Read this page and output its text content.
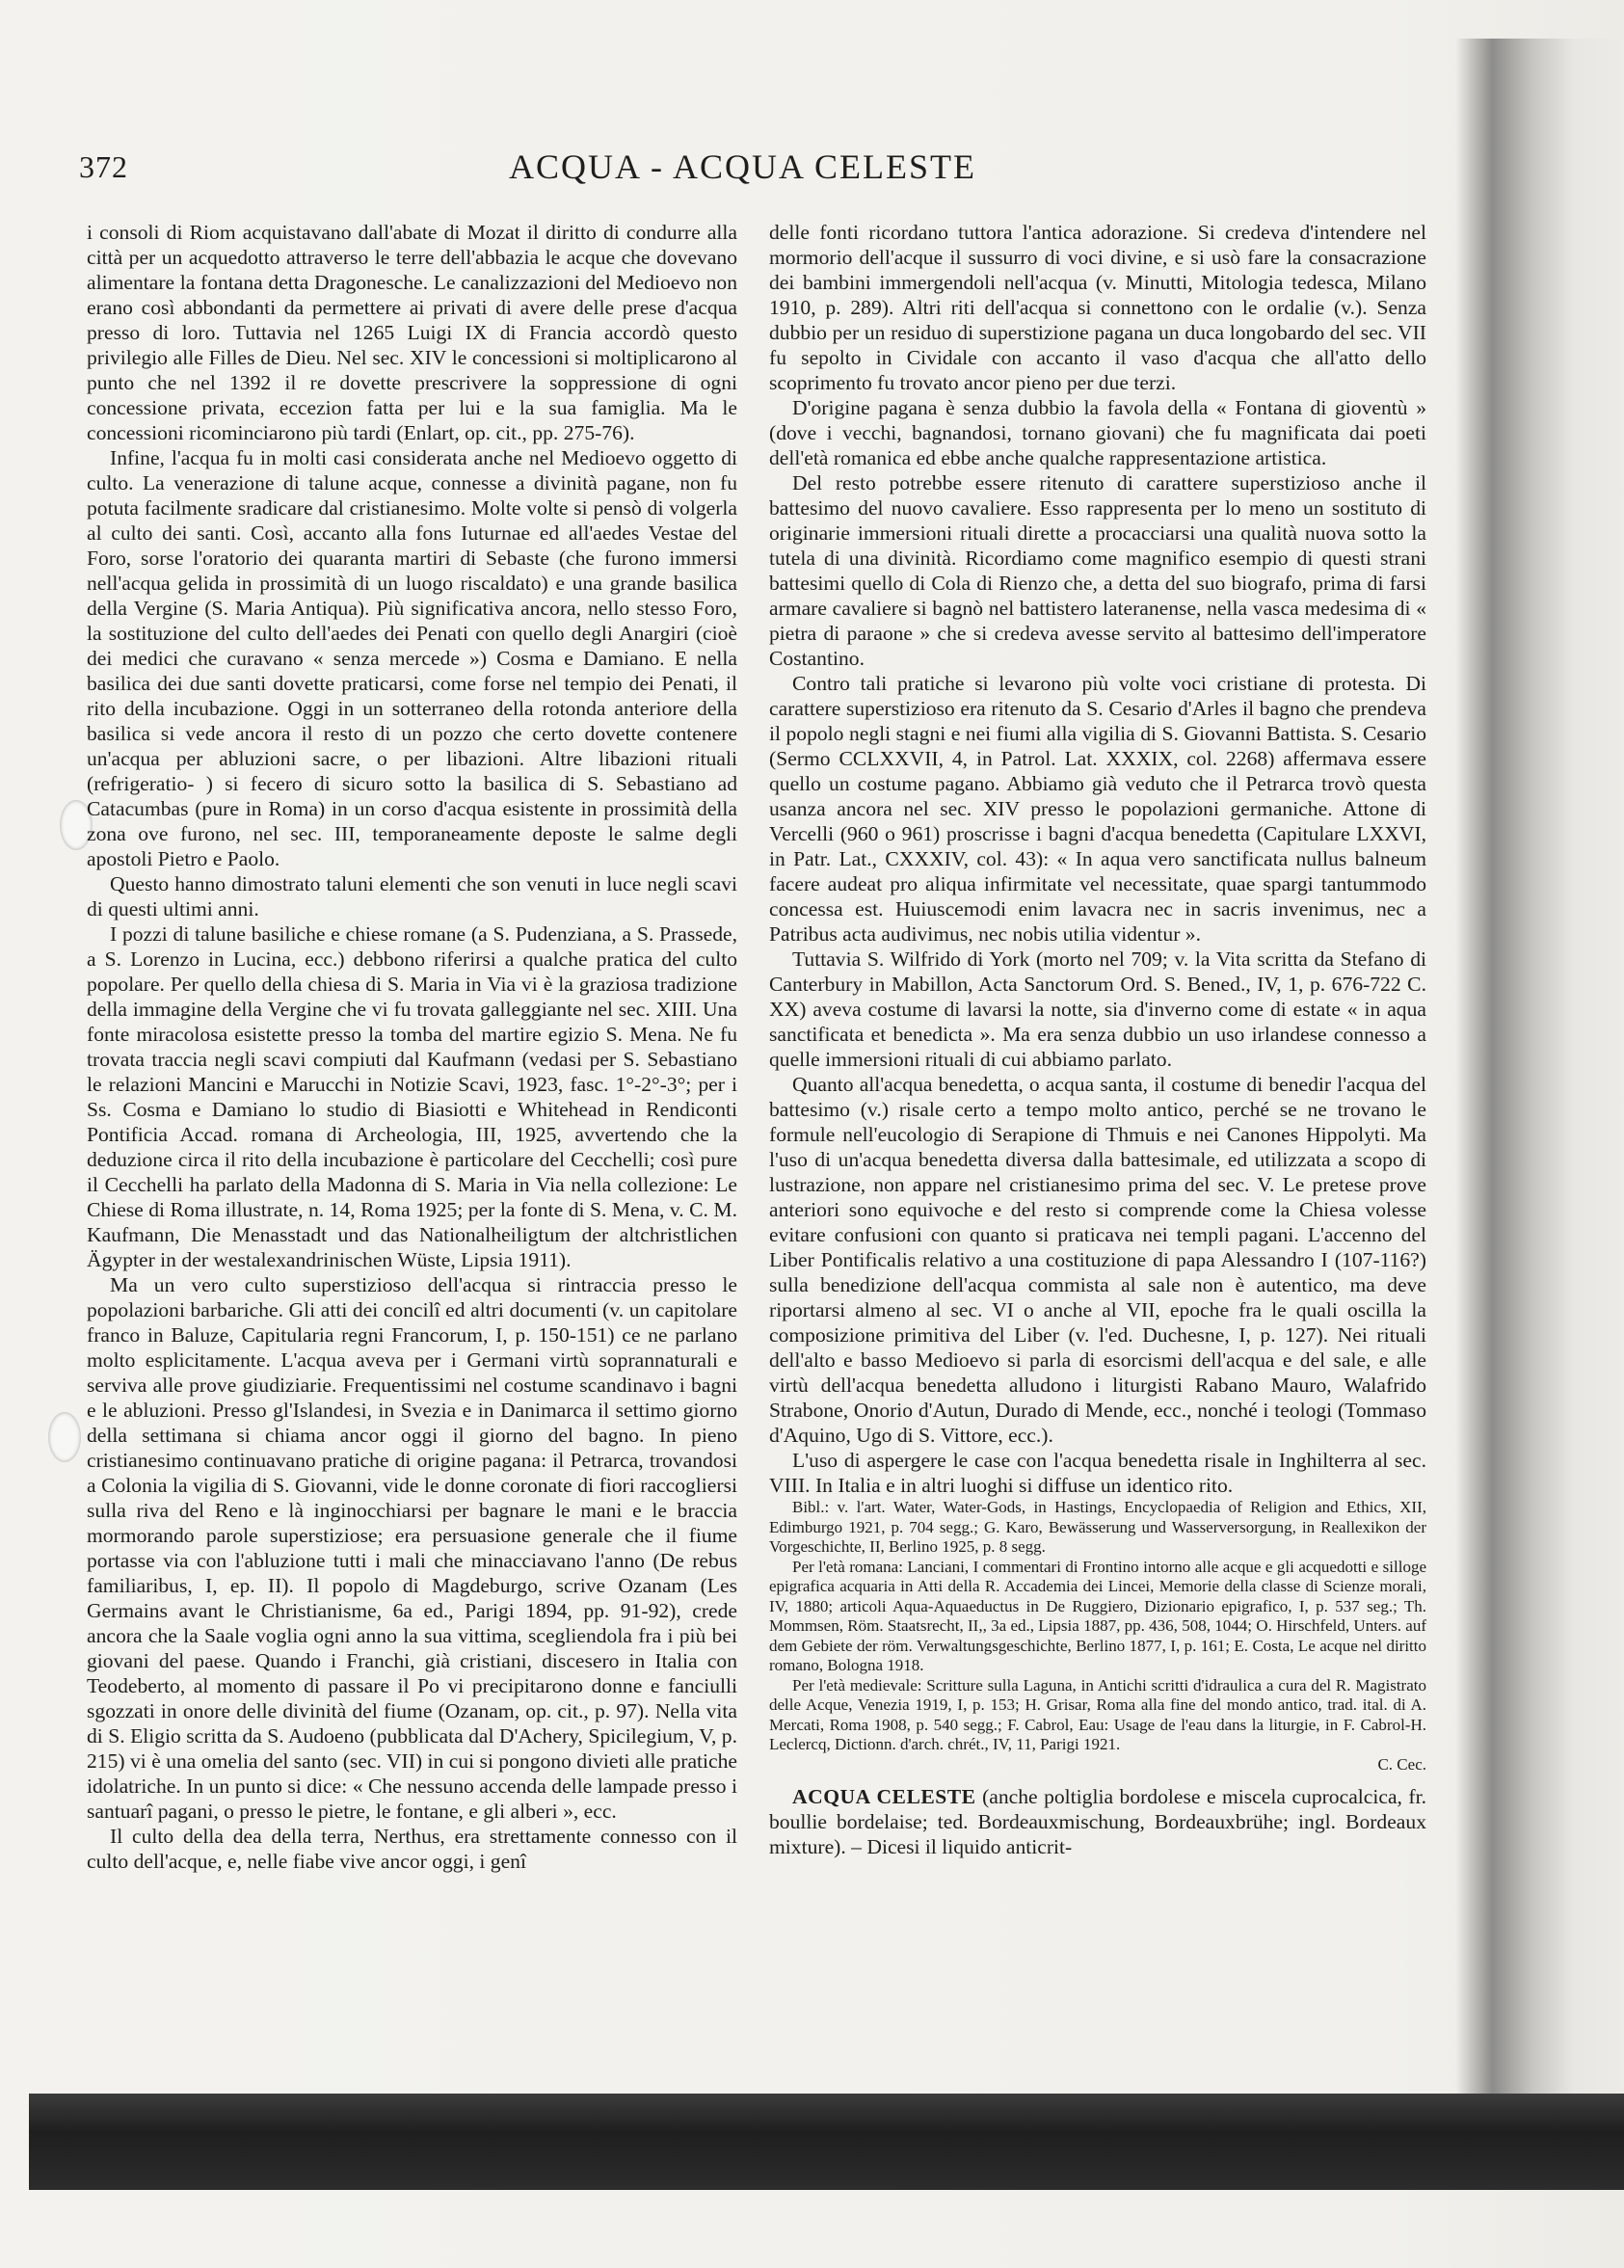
372	ACQUA - ACQUA CELESTE

i consoli di Riom acquistavano dall'abate di Mozat il diritto di condurre alla città per un acquedotto attraverso le terre dell'abbazia le acque che dovevano alimentare la fontana detta Dragonesche. Le canalizzazioni del Medioevo non erano così abbondanti da permettere ai privati di avere delle prese d'acqua presso di loro. Tuttavia nel 1265 Luigi IX di Francia accordò questo privilegio alle Filles de Dieu. Nel sec. XIV le concessioni si moltiplicarono al punto che nel 1392 il re dovette prescrivere la soppressione di ogni concessione privata, eccezion fatta per lui e la sua famiglia. Ma le concessioni ricominciarono più tardi (Enlart, op. cit., pp. 275-76).

Infine, l'acqua fu in molti casi considerata anche nel Medioevo oggetto di culto. La venerazione di talune acque, connesse a divinità pagane, non fu potuta facilmente sradicare dal cristianesimo. Molte volte si pensò di volgerla al culto dei santi. Così, accanto alla fons Iuturnae ed all'aedes Vestae del Foro, sorse l'oratorio dei quaranta martiri di Sebaste (che furono immersi nell'acqua gelida in prossimità di un luogo riscaldato) e una grande basilica della Vergine (S. Maria Antiqua). Più significativa ancora, nello stesso Foro, la sostituzione del culto dell'aedes dei Penati con quello degli Anargiri (cioè dei medici che curavano « senza mercede ») Cosma e Damiano. E nella basilica dei due santi dovette praticarsi, come forse nel tempio dei Penati, il rito della incubazione. Oggi in un sotterraneo della rotonda anteriore della basilica si vede ancora il resto di un pozzo che certo dovette contenere un'acqua per abluzioni sacre, o per libazioni. Altre libazioni rituali (refrigeratio- ) si fecero di sicuro sotto la basilica di S. Sebastiano ad Catacumbas (pure in Roma) in un corso d'acqua esistente in prossimità della zona ove furono, nel sec. III, temporaneamente deposte le salme degli apostoli Pietro e Paolo.

Questo hanno dimostrato taluni elementi che son venuti in luce negli scavi di questi ultimi anni.

I pozzi di talune basiliche e chiese romane (a S. Pudenziana, a S. Prassede, a S. Lorenzo in Lucina, ecc.) debbono riferirsi a qualche pratica del culto popolare. Per quello della chiesa di S. Maria in Via vi è la graziosa tradizione della immagine della Vergine che vi fu trovata galleggiante nel sec. XIII. Una fonte miracolosa esistette presso la tomba del martire egizio S. Mena. Ne fu trovata traccia negli scavi compiuti dal Kaufmann (vedasi per S. Sebastiano le relazioni Mancini e Marucchi in Notizie Scavi, 1923, fasc. 1°-2°-3°; per i Ss. Cosma e Damiano lo studio di Biasiotti e Whitehead in Rendiconti Pontificia Accad. romana di Archeologia, III, 1925, avvertendo che la deduzione circa il rito della incubazione è particolare del Cecchelli; così pure il Cecchelli ha parlato della Madonna di S. Maria in Via nella collezione: Le Chiese di Roma illustrate, n. 14, Roma 1925; per la fonte di S. Mena, v. C. M. Kaufmann, Die Menasstadt und das Nationalheiligtum der altchristlichen Ägypter in der westalexandrinischen Wüste, Lipsia 1911).

Ma un vero culto superstizioso dell'acqua si rintraccia presso le popolazioni barbariche. Gli atti dei concilî ed altri documenti (v. un capitolare franco in Baluze, Capitularia regni Francorum, I, p. 150-151) ce ne parlano molto esplicitamente. L'acqua aveva per i Germani virtù soprannaturali e serviva alle prove giudiziarie. Frequentissimi nel costume scandinavo i bagni e le abluzioni. Presso gl'Islandesi, in Svezia e in Danimarca il settimo giorno della settimana si chiama ancor oggi il giorno del bagno. In pieno cristianesimo continuavano pratiche di origine pagana: il Petrarca, trovandosi a Colonia la vigilia di S. Giovanni, vide le donne coronate di fiori raccogliersi sulla riva del Reno e là inginocchiarsi per bagnare le mani e le braccia mormorando parole superstiziose; era persuasione generale che il fiume portasse via con l'abluzione tutti i mali che minacciavano l'anno (De rebus familiaribus, I, ep. II). Il popolo di Magdeburgo, scrive Ozanam (Les Germains avant le Christianisme, 6a ed., Parigi 1894, pp. 91-92), crede ancora che la Saale voglia ogni anno la sua vittima, scegliendola fra i più bei giovani del paese. Quando i Franchi, già cristiani, discesero in Italia con Teodeberto, al momento di passare il Po vi precipitarono donne e fanciulli sgozzati in onore delle divinità del fiume (Ozanam, op. cit., p. 97). Nella vita di S. Eligio scritta da S. Audoeno (pubblicata dal D'Achery, Spicilegium, V, p. 215) vi è una omelia del santo (sec. VII) in cui si pongono divieti alle pratiche idolatriche. In un punto si dice: « Che nessuno accenda delle lampade presso i santuarî pagani, o presso le pietre, le fontane, e gli alberi », ecc.

Il culto della dea della terra, Nerthus, era strettamente connesso con il culto dell'acque, e, nelle fiabe vive ancor oggi, i genî

delle fonti ricordano tuttora l'antica adorazione. Si credeva d'intendere nel mormorio dell'acque il sussurro di voci divine, e si usò fare la consacrazione dei bambini immergendoli nell'acqua (v. Minutti, Mitologia tedesca, Milano 1910, p. 289). Altri riti dell'acqua si connettono con le ordalie (v.). Senza dubbio per un residuo di superstizione pagana un duca longobardo del sec. VII fu sepolto in Cividale con accanto il vaso d'acqua che all'atto dello scoprimento fu trovato ancor pieno per due terzi.

D'origine pagana è senza dubbio la favola della « Fontana di gioventù » (dove i vecchi, bagnandosi, tornano giovani) che fu magnificata dai poeti dell'età romanica ed ebbe anche qualche rappresentazione artistica.

Del resto potrebbe essere ritenuto di carattere superstizioso anche il battesimo del nuovo cavaliere. Esso rappresenta per lo meno un sostituto di originarie immersioni rituali dirette a procacciarsi una qualità nuova sotto la tutela di una divinità. Ricordiamo come magnifico esempio di questi strani battesimi quello di Cola di Rienzo che, a detta del suo biografo, prima di farsi armare cavaliere si bagnò nel battistero lateranense, nella vasca medesima di « pietra di paraone » che si credeva avesse servito al battesimo dell'imperatore Costantino.

Contro tali pratiche si levarono più volte voci cristiane di protesta. Di carattere superstizioso era ritenuto da S. Cesario d'Arles il bagno che prendeva il popolo negli stagni e nei fiumi alla vigilia di S. Giovanni Battista. S. Cesario (Sermo CCLXXVII, 4, in Patrol. Lat. XXXIX, col. 2268) affermava essere quello un costume pagano. Abbiamo già veduto che il Petrarca trovò questa usanza ancora nel sec. XIV presso le popolazioni germaniche. Attone di Vercelli (960 o 961) proscrisse i bagni d'acqua benedetta (Capitulare LXXVI, in Patr. Lat., CXXXIV, col. 43): « In aqua vero sanctificata nullus balneum facere audeat pro aliqua infirmitate vel necessitate, quae spargi tantummodo concessa est. Huiuscemodi enim lavacra nec in sacris invenimus, nec a Patribus acta audivimus, nec nobis utilia videntur ».

Tuttavia S. Wilfrido di York (morto nel 709; v. la Vita scritta da Stefano di Canterbury in Mabillon, Acta Sanctorum Ord. S. Bened., IV, 1, p. 676-722 C. XX) aveva costume di lavarsi la notte, sia d'inverno come di estate « in aqua sanctificata et benedicta ». Ma era senza dubbio un uso irlandese connesso a quelle immersioni rituali di cui abbiamo parlato.

Quanto all'acqua benedetta, o acqua santa, il costume di benedir l'acqua del battesimo (v.) risale certo a tempo molto antico, perché se ne trovano le formule nell'eucologio di Serapione di Thmuis e nei Canones Hippolyti. Ma l'uso di un'acqua benedetta diversa dalla battesimale, ed utilizzata a scopo di lustrazione, non appare nel cristianesimo prima del sec. V. Le pretese prove anteriori sono equivoche e del resto si comprende come la Chiesa volesse evitare confusioni con quanto si praticava nei templi pagani. L'accenno del Liber Pontificalis relativo a una costituzione di papa Alessandro I (107-116?) sulla benedizione dell'acqua commista al sale non è autentico, ma deve riportarsi almeno al sec. VI o anche al VII, epoche fra le quali oscilla la composizione primitiva del Liber (v. l'ed. Duchesne, I, p. 127). Nei rituali dell'alto e basso Medioevo si parla di esorcismi dell'acqua e del sale, e alle virtù dell'acqua benedetta alludono i liturgisti Rabano Mauro, Walafrido Strabone, Onorio d'Autun, Durado di Mende, ecc., nonché i teologi (Tommaso d'Aquino, Ugo di S. Vittore, ecc.).

L'uso di aspergere le case con l'acqua benedetta risale in Inghilterra al sec. VIII. In Italia e in altri luoghi si diffuse un identico rito.

Bibl.: v. l'art. Water, Water-Gods, in Hastings, Encyclopaedia of Religion and Ethics, XII, Edimburgo 1921, p. 704 segg.; G. Karo, Bewässerung und Wasserversorgung, in Reallexikon der Vorgeschichte, II, Berlino 1925, p. 8 segg.

Per l'età romana: Lanciani, I commentari di Frontino intorno alle acque e gli acquedotti e silloge epigrafica acquaria in Atti della R. Accademia dei Lincei, Memorie della classe di Scienze morali, IV, 1880; articoli Aqua-Aquaeductus in De Ruggiero, Dizionario epigrafico, I, p. 537 seg.; Th. Mommsen, Röm. Staatsrecht, II,, 3a ed., Lipsia 1887, pp. 436, 508, 1044; O. Hirschfeld, Unters. auf dem Gebiete der röm. Verwaltungsgeschichte, Berlino 1877, I, p. 161; E. Costa, Le acque nel diritto romano, Bologna 1918.

Per l'età medievale: Scritture sulla Laguna, in Antichi scritti d'idraulica a cura del R. Magistrato delle Acque, Venezia 1919, I, p. 153; H. Grisar, Roma alla fine del mondo antico, trad. ital. di A. Mercati, Roma 1908, p. 540 segg.; F. Cabrol, Eau: Usage de l'eau dans la liturgie, in F. Cabrol-H. Leclercq, Dictionn. d'arch. chrét., IV, 11, Parigi 1921.

C. Cec.

ACQUA CELESTE (anche poltiglia bordolese e miscela cuprocalcica, fr. boullie bordelaise; ted. Bordeauxmischung, Bordeauxbrühe; ingl. Bordeaux mixture). – Dicesi il liquido anticrit-
